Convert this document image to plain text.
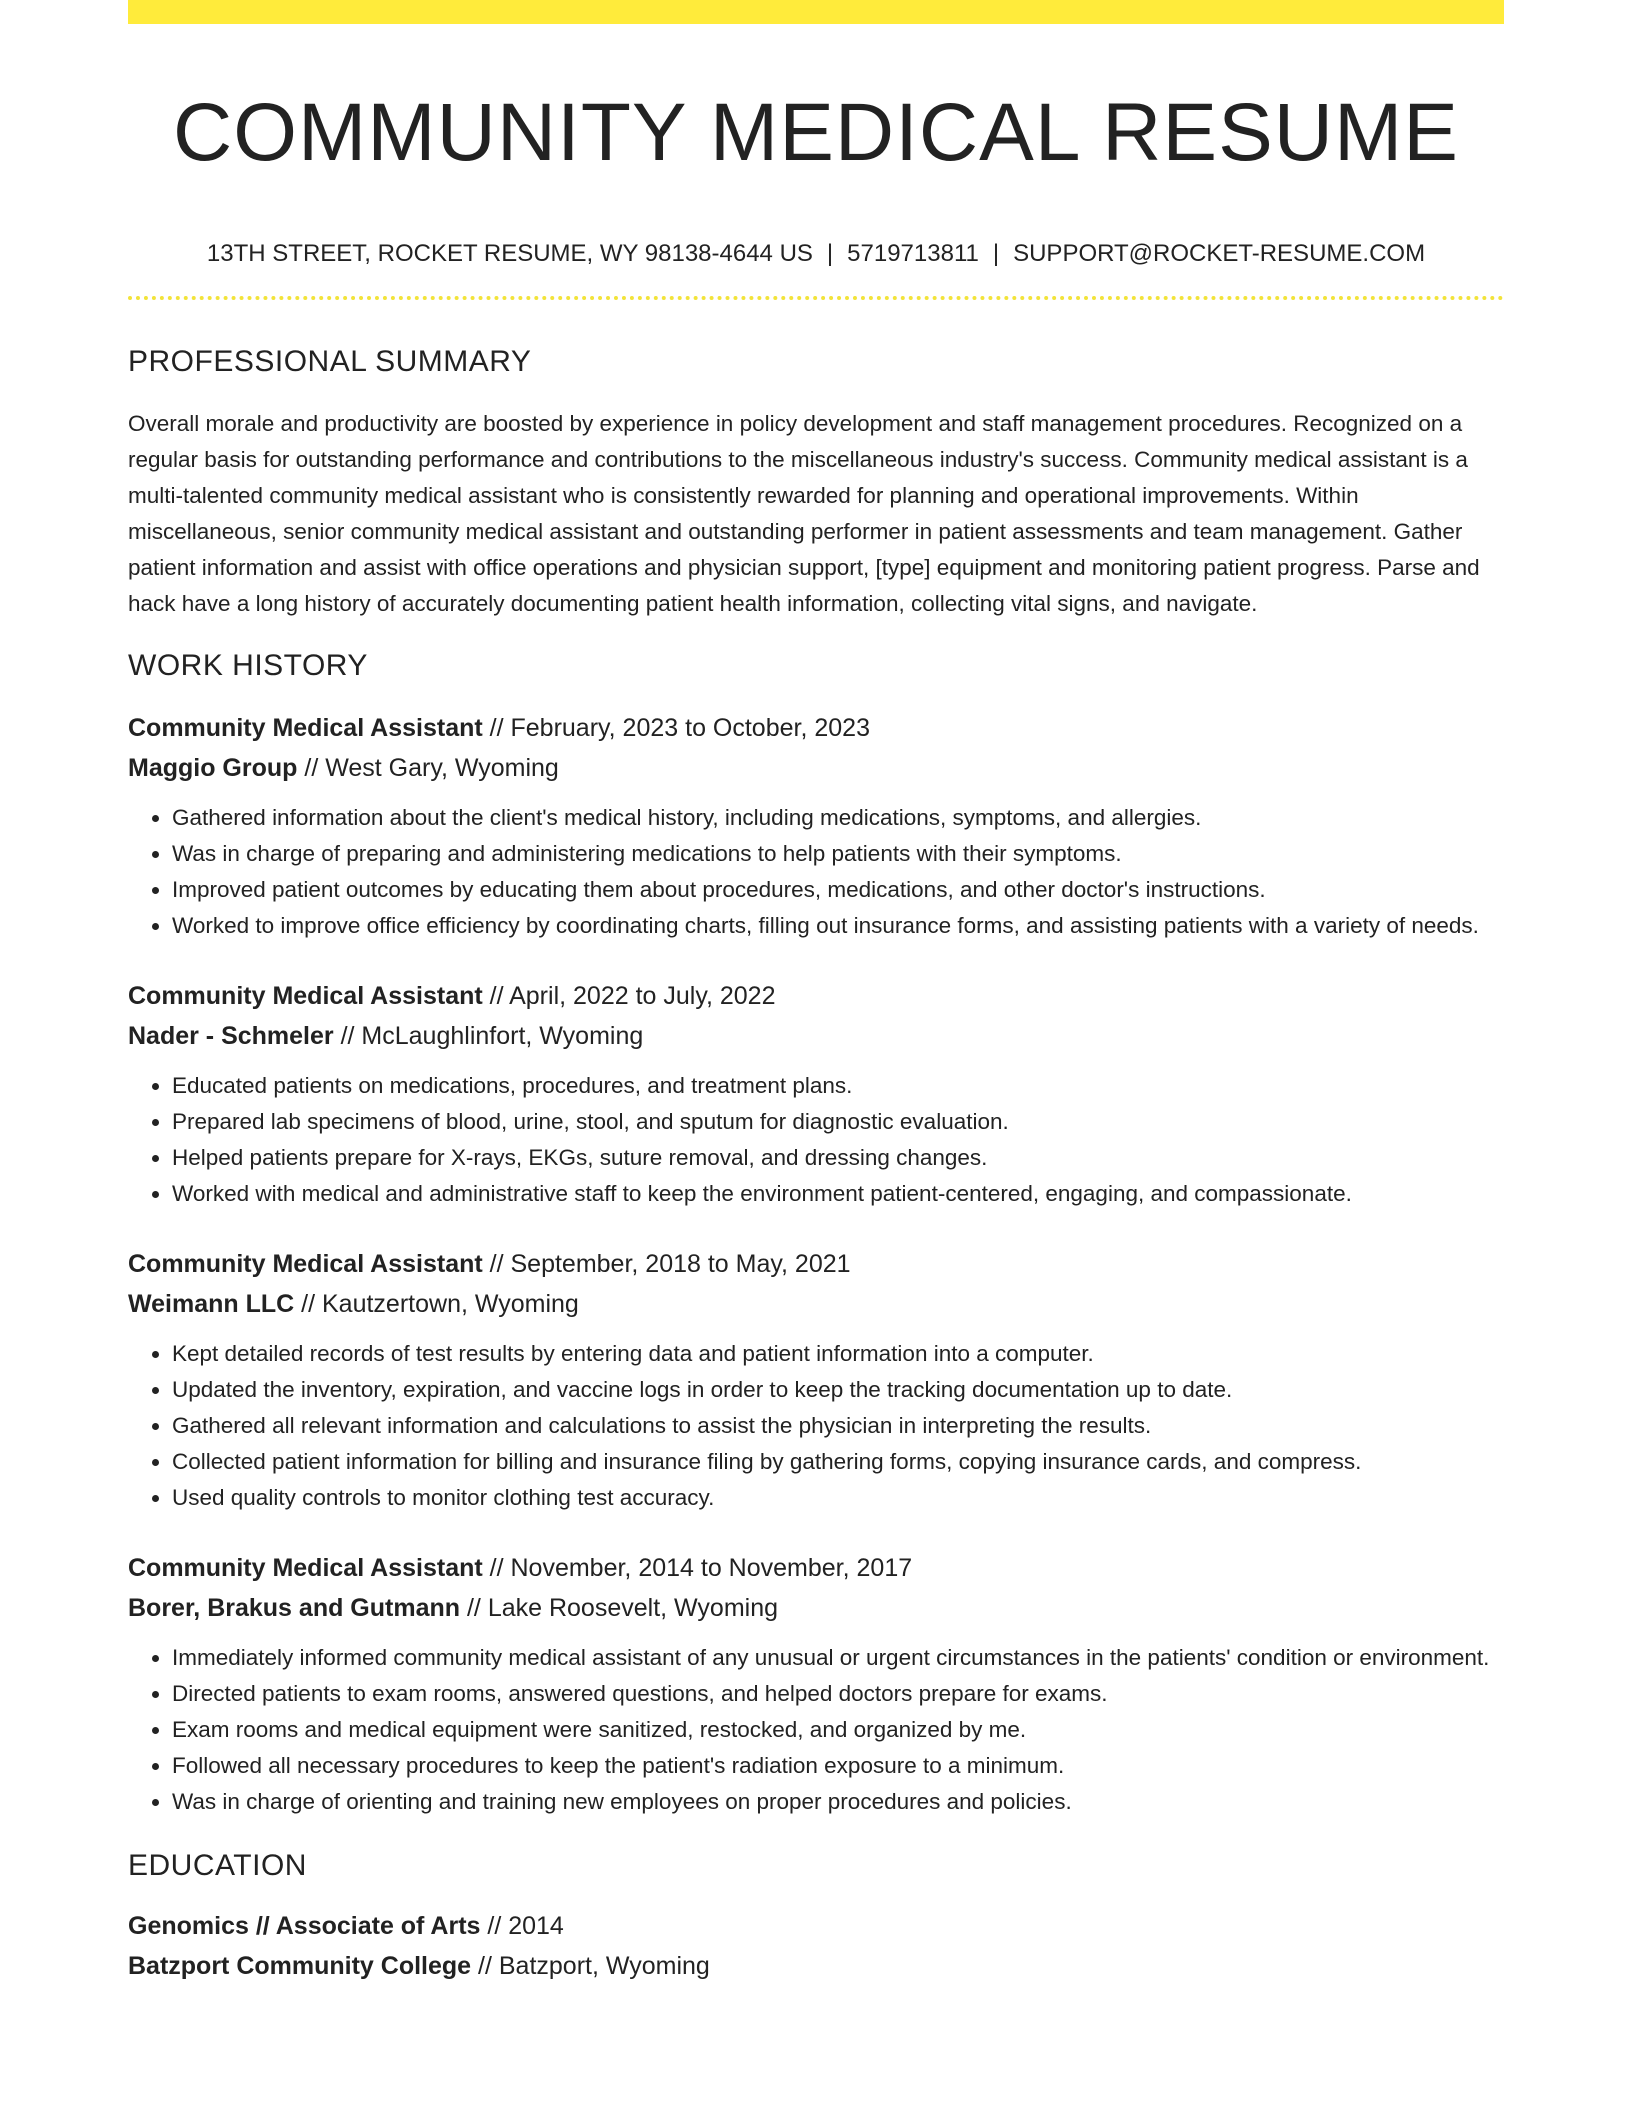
COMMUNITY MEDICAL RESUME
13TH STREET, ROCKET RESUME, WY 98138-4644 US | 5719713811 | SUPPORT@ROCKET-RESUME.COM
PROFESSIONAL SUMMARY

Overall morale and productivity are boosted by experience in policy development and staff management procedures. Recognized on a regular basis for outstanding performance and contributions to the miscellaneous industry's success. Community medical assistant is a multi-talented community medical assistant who is consistently rewarded for planning and operational improvements. Within miscellaneous, senior community medical assistant and outstanding performer in patient assessments and team management. Gather patient information and assist with office operations and physician support, [type] equipment and monitoring patient progress. Parse and hack have a long history of accurately documenting patient health information, collecting vital signs, and navigate.

WORK HISTORY
Community Medical Assistant // February, 2023 to October, 2023
Maggio Group // West Gary, Wyoming
• Gathered information about the client's medical history, including medications, symptoms, and allergies.
• Was in charge of preparing and administering medications to help patients with their symptoms.
• Improved patient outcomes by educating them about procedures, medications, and other doctor's instructions.
• Worked to improve office efficiency by coordinating charts, filling out insurance forms, and assisting patients with a variety of needs.
Community Medical Assistant // April, 2022 to July, 2022
Nader - Schmeler // McLaughlinfort, Wyoming
• Educated patients on medications, procedures, and treatment plans.
• Prepared lab specimens of blood, urine, stool, and sputum for diagnostic evaluation.
• Helped patients prepare for X-rays, EKGs, suture removal, and dressing changes.
• Worked with medical and administrative staff to keep the environment patient-centered, engaging, and compassionate.
Community Medical Assistant // September, 2018 to May, 2021
Weimann LLC // Kautzertown, Wyoming
• Kept detailed records of test results by entering data and patient information into a computer.
• Updated the inventory, expiration, and vaccine logs in order to keep the tracking documentation up to date.
• Gathered all relevant information and calculations to assist the physician in interpreting the results.
• Collected patient information for billing and insurance filing by gathering forms, copying insurance cards, and compress.
• Used quality controls to monitor clothing test accuracy.
Community Medical Assistant // November, 2014 to November, 2017
Borer, Brakus and Gutmann // Lake Roosevelt, Wyoming
• Immediately informed community medical assistant of any unusual or urgent circumstances in the patients' condition or environment.
• Directed patients to exam rooms, answered questions, and helped doctors prepare for exams.
• Exam rooms and medical equipment were sanitized, restocked, and organized by me.
• Followed all necessary procedures to keep the patient's radiation exposure to a minimum.
• Was in charge of orienting and training new employees on proper procedures and policies.
EDUCATION
Genomics // Associate of Arts // 2014
Batzport Community College // Batzport, Wyoming
